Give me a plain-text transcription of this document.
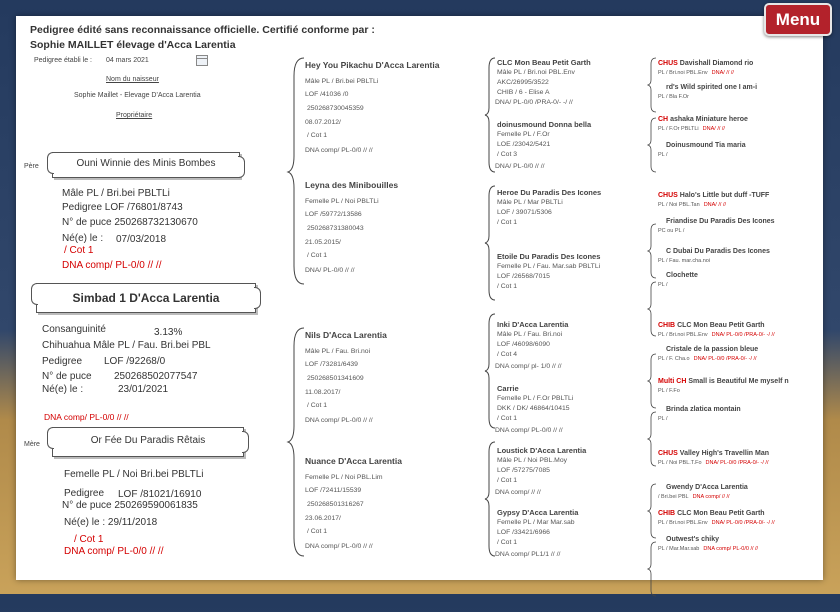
Pedigree édité sans reconnaissance officielle. Certifié conforme par :
Sophie MAILLET élevage d'Acca Larentia
Pedigree établi le : 04 mars 2021
Nom du naisseur
Sophie Maillet - Elevage D'Acca Larentia
Propriétaire
Père	Ouni Winnie des Minis Bombes
Mâle PL / Bri.bei PBLTLi
Pedigree LOF /76801/8743
N° de puce 250268732130670
Né(e) le : 07/03/2018
/ Cot 1
DNA comp/ PL-0/0 // //
Simbad 1 D'Acca Larentia
Consanguinité	3.13%
Chihuahua Mâle PL / Fau. Bri.bei PBL
Pedigree LOF /92268/0
N° de puce 250268502077547
Né(e) le :	23/01/2021
DNA comp/ PL-0/0 // //
Mère	Or Fée Du Paradis Rêtais
Femelle PL / Noi Bri.bei PBLTLi
Pedigree LOF /81021/16910
N° de puce 250269590061835
Né(e) le : 29/11/2018
/ Cot 1
DNA comp/ PL-0/0 // //
Hey You Pikachu D'Acca Larentia
Mâle PL / Bri.bei PBLTLi
LOF /41036 /0
250268730045359
08.07.2012/
/ Cot 1
DNA comp/ PL-0/0 // //
Leyna des Minibouilles
Femelle PL / Noi PBLTLi
LOF /59772/13586
250268731380043
21.05.2015/
/ Cot 1
DNA/ PL-0/0 // //
Nils D'Acca Larentia
Mâle PL / Fau. Bri.noi
LOF /73281/6439
250268501341609
11.08.2017/
/ Cot 1
DNA comp/ PL-0/0 // //
Nuance D'Acca Larentia
Femelle PL / Noi PBL.Lim
LOF /72411/15539
250268501316267
23.06.2017/
/ Cot 1
DNA comp/ PL-0/0 // //
CLC Mon Beau Petit Garth
Mâle PL / Bri.noi PBL.Env
AKC/26995/3522
CHIB / 6 - Elise A
DNA/ PL-0/0 /PRA-0/- -/ //
doinusmound Donna bella
Femelle PL / F.Or
LOE /23042/5421
/ Cot 3
DNA/ PL-0/0 // //
Heroe Du Paradis Des Icones
Mâle PL / Mar PBLTLi
LOF / 39071/5306
/ Cot 1
Etoile Du Paradis Des Icones
Femelle PL / Fau. Mar.sab PBLTLi
LOF /26568/7015
/ Cot 1
Inki D'Acca Larentia
Mâle PL / Fau. Bri.noi
LOF /46098/6090
/ Cot 4
DNA comp/ pl- 1/0 // //
Carrie
Femelle PL / F.Or PBLTLi
DKK / DK/ 46864/10415
/ Cot 1
DNA comp/ PL-0/0 // //
Loustick D'Acca Larentia
Mâle PL / Noi PBL.Moy
LOF /57275/7085
/ Cot 1
DNA comp/ // //
Gypsy D'Acca Larentia
Femelle PL / Mar Mar.sab
LOF /33421/6966
/ Cot 1
DNA comp/ PL1/1 // //
CHUS Davishall Diamond rio
PL / Bri.noi PBL.Env DNA/ // //
rd's Wild spirited one I am-i
PL / Bla F.Or
CH ashaka Miniature heroe
PL / F.Or PBLTLi DNA/ // //
Doinusmound Tia maria
PL /
CHUS Halo's Little but duff -TUFF
PL / Noi PBL.Tan DNA/ // //
Friandise Du Paradis Des Icones
PC ou PL /
C Dubai Du Paradis Des Icones
PL / Fau. mar.cha.noi
Clochette
PL /
CHIB CLC Mon Beau Petit Garth
PL / Bri.noi PBL.Env DNA/ PL-0/0 /PRA-0/- -/ //
Cristale de la passion bleue
PL / F. Cha.o DNA/ PL-0/0 /PRA-0/- -/ //
Multi CH Small is Beautiful Me myself n
PL / F.Fo
Brinda zlatica montain
PL /
CHUS Valley High's Travellin Man
PL / Noi PBL.T.Fo DNA/ PL-0/0 /PRA-0/- -/ //
Gwendy D'Acca Larentia
/ Bri.bei PBL DNA comp/ // //
CHIB CLC Mon Beau Petit Garth
PL / Bri.noi PBL.Env DNA/ PL-0/0 /PRA-0/- -/ //
Outwest's chiky
PL / Mar.Mar.sab DNA comp/ PL-0/0 // //
Menu
